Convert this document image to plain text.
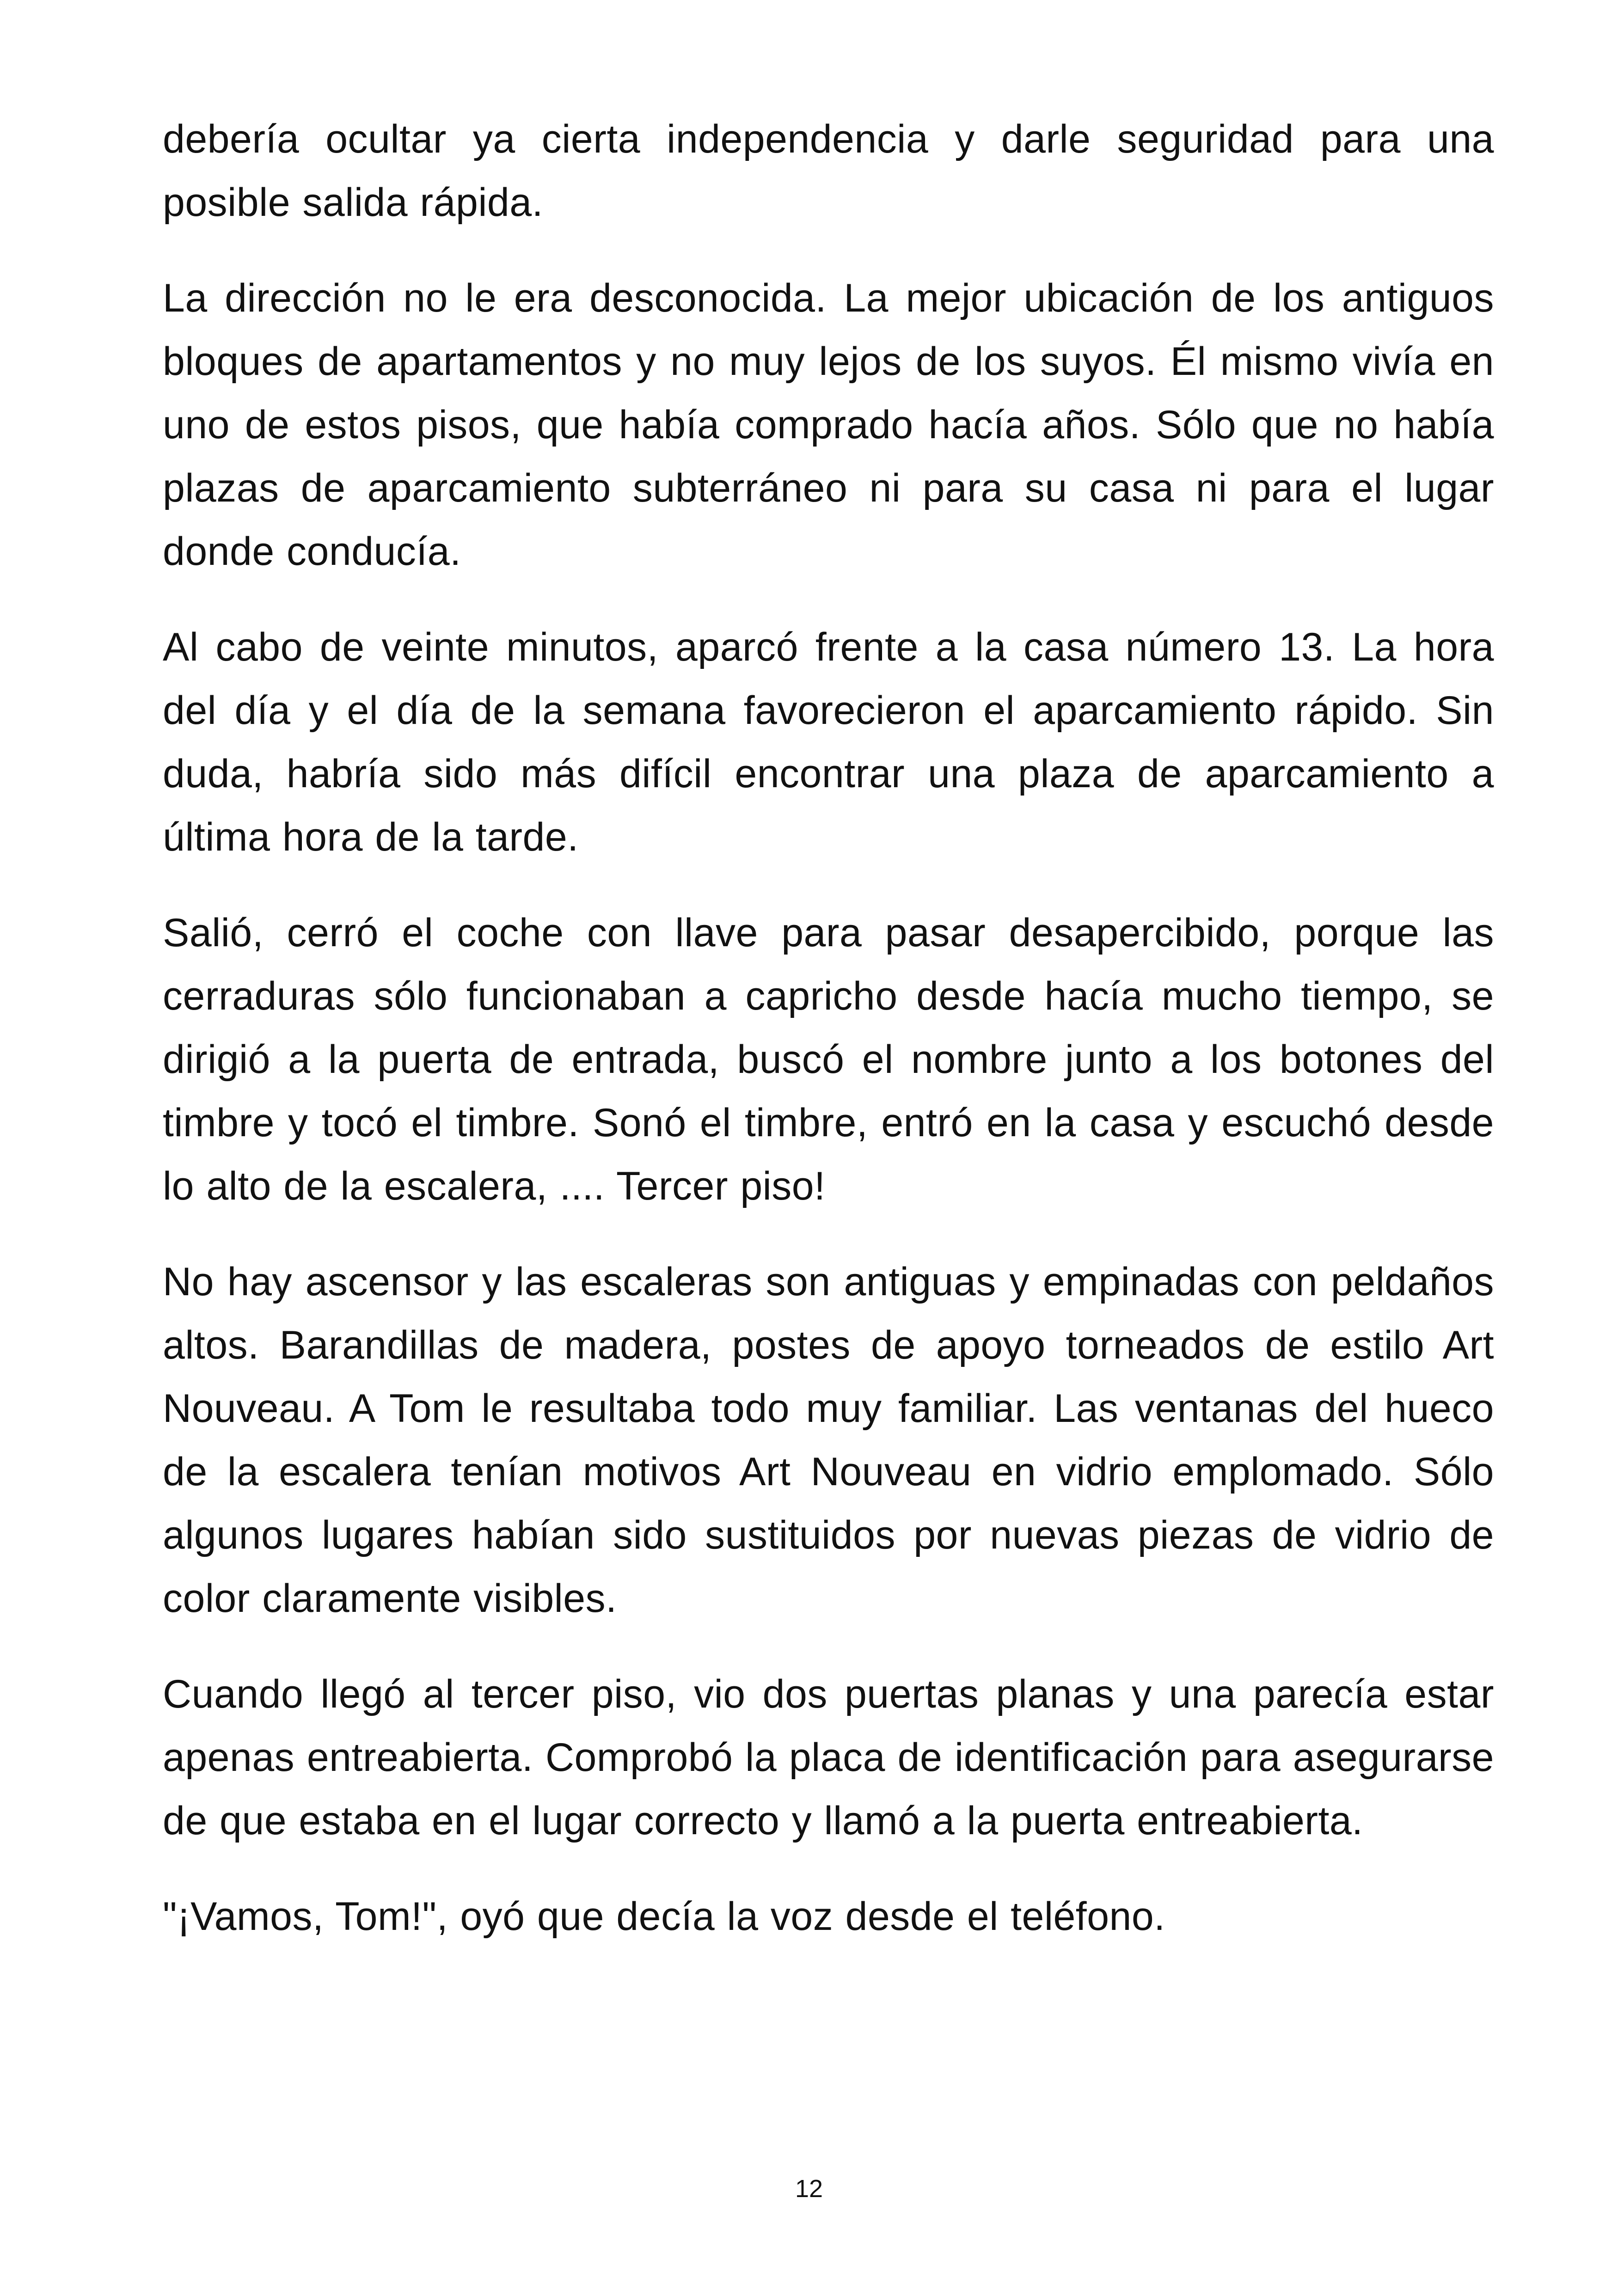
debería ocultar ya cierta independencia y darle seguridad para una posible salida rápida.

La dirección no le era desconocida. La mejor ubicación de los antiguos bloques de apartamentos y no muy lejos de los suyos. Él mismo vivía en uno de estos pisos, que había comprado hacía años. Sólo que no había plazas de aparcamiento subterráneo ni para su casa ni para el lugar donde conducía.

Al cabo de veinte minutos, aparcó frente a la casa número 13. La hora del día y el día de la semana favorecieron el aparcamiento rápido. Sin duda, habría sido más difícil encontrar una plaza de aparcamiento a última hora de la tarde.

Salió, cerró el coche con llave para pasar desapercibido, porque las cerraduras sólo funcionaban a capricho desde hacía mucho tiempo, se dirigió a la puerta de entrada, buscó el nombre junto a los botones del timbre y tocó el timbre. Sonó el timbre, entró en la casa y escuchó desde lo alto de la escalera, .... Tercer piso!

No hay ascensor y las escaleras son antiguas y empinadas con peldaños altos. Barandillas de madera, postes de apoyo torneados de estilo Art Nouveau. A Tom le resultaba todo muy familiar. Las ventanas del hueco de la escalera tenían motivos Art Nouveau en vidrio emplomado. Sólo algunos lugares habían sido sustituidos por nuevas piezas de vidrio de color claramente visibles.

Cuando llegó al tercer piso, vio dos puertas planas y una parecía estar apenas entreabierta. Comprobó la placa de identificación para asegurarse de que estaba en el lugar correcto y llamó a la puerta entreabierta.

"¡Vamos, Tom!", oyó que decía la voz desde el teléfono.

12
